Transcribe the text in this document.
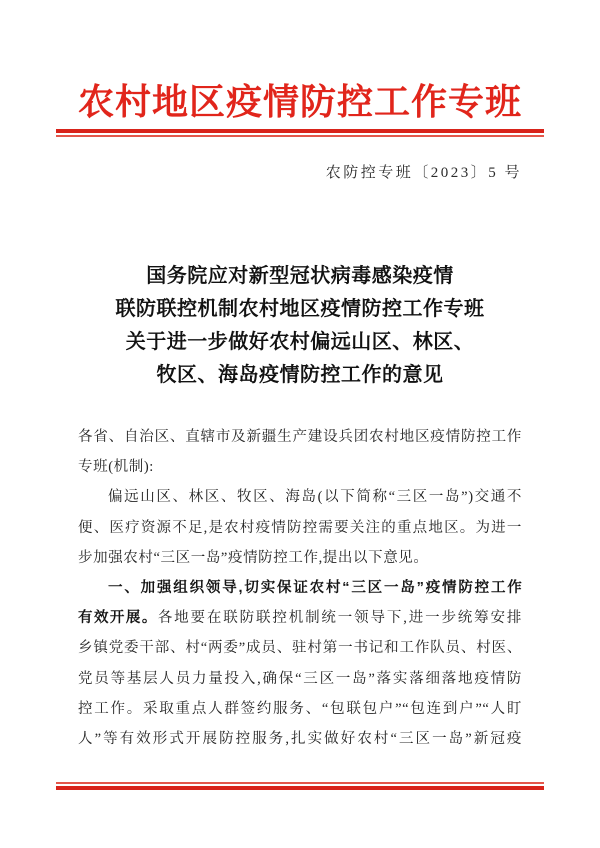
农村地区疫情防控工作专班
农防控专班〔2023〕5 号
国务院应对新型冠状病毒感染疫情
联防联控机制农村地区疫情防控工作专班
关于进一步做好农村偏远山区、林区、
牧区、海岛疫情防控工作的意见
各省、自治区、直辖市及新疆生产建设兵团农村地区疫情防控工作
专班(机制):
偏远山区、林区、牧区、海岛(以下简称“三区一岛”)交通不
便、医疗资源不足,是农村疫情防控需要关注的重点地区。为进一
步加强农村“三区一岛”疫情防控工作,提出以下意见。
一、加强组织领导,切实保证农村“三区一岛”疫情防控工作
有效开展。各地要在联防联控机制统一领导下,进一步统筹安排
乡镇党委干部、村“两委”成员、驻村第一书记和工作队员、村医、
党员等基层人员力量投入,确保“三区一岛”落实落细落地疫情防
控工作。采取重点人群签约服务、“包联包户”“包连到户”“人盯
人”等有效形式开展防控服务,扎实做好农村“三区一岛”新冠疫
